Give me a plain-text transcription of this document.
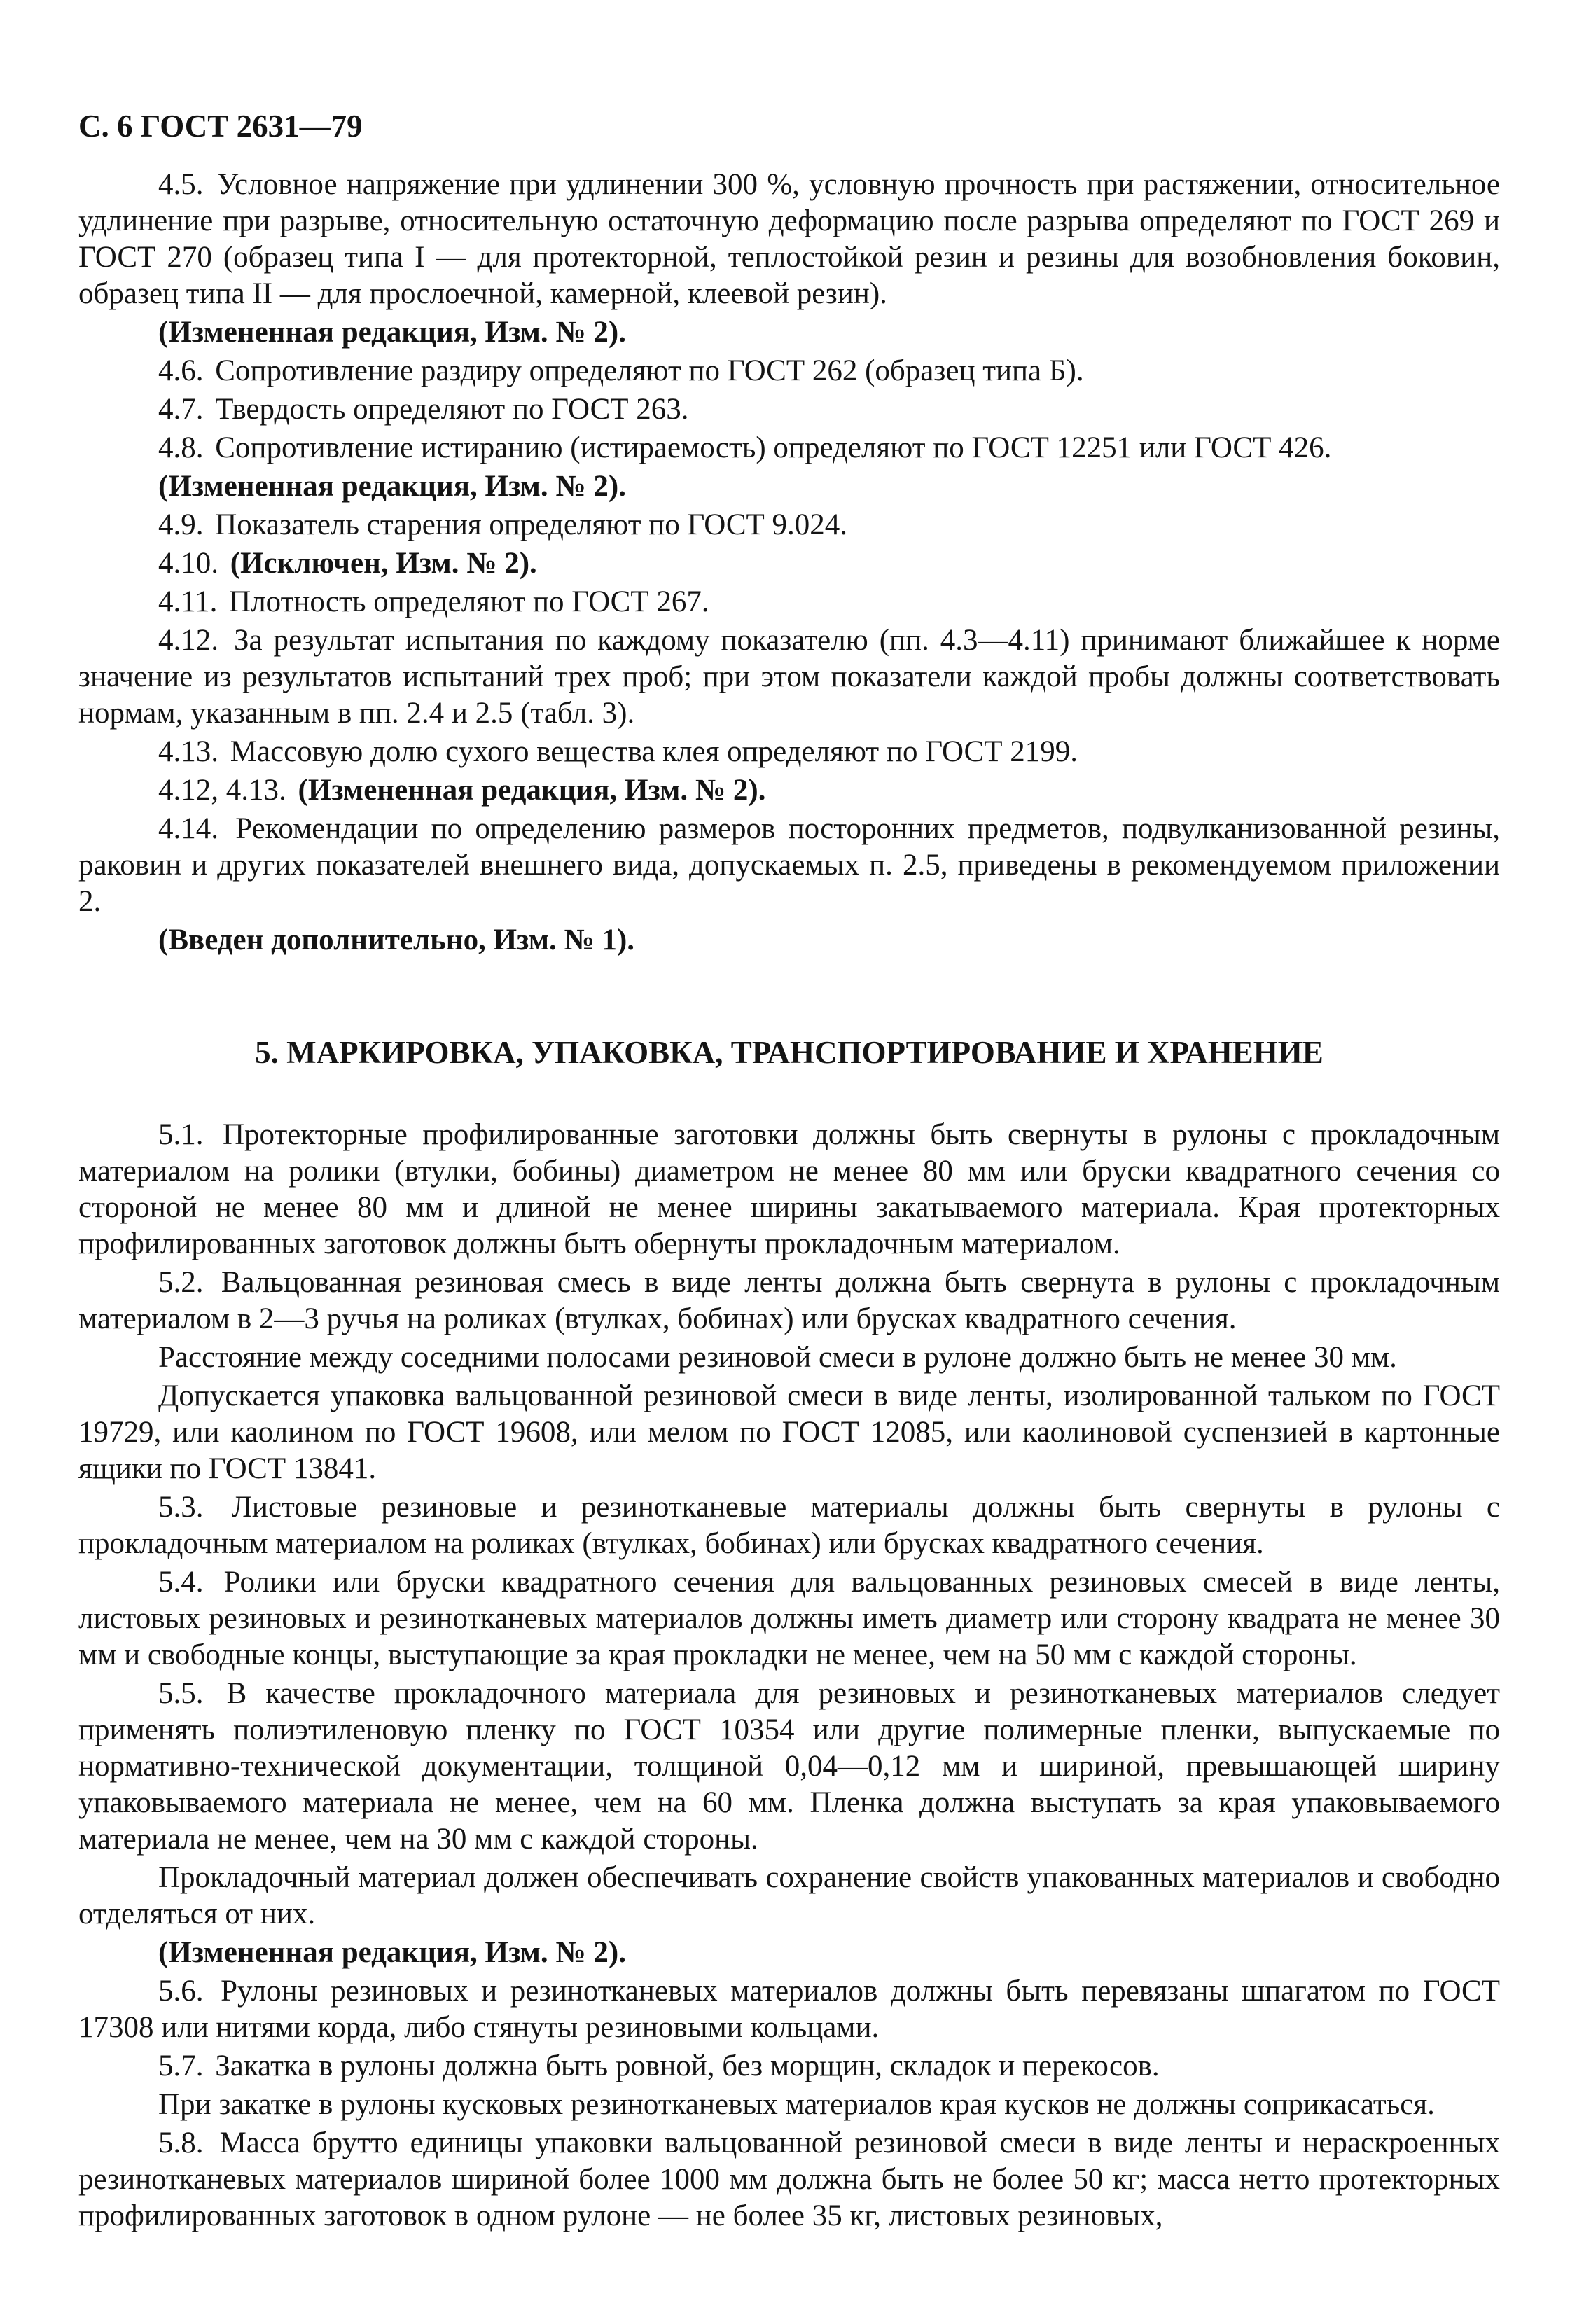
С. 6 ГОСТ 2631—79
4.5. Условное напряжение при удлинении 300 %, условную прочность при растяжении, относительное удлинение при разрыве, относительную остаточную деформацию после разрыва определяют по ГОСТ 269 и ГОСТ 270 (образец типа I — для протекторной, теплостойкой резин и резины для возобновления боковин, образец типа II — для прослоечной, камерной, клеевой резин).
(Измененная редакция, Изм. № 2).
4.6. Сопротивление раздиру определяют по ГОСТ 262 (образец типа Б).
4.7. Твердость определяют по ГОСТ 263.
4.8. Сопротивление истиранию (истираемость) определяют по ГОСТ 12251 или ГОСТ 426.
(Измененная редакция, Изм. № 2).
4.9. Показатель старения определяют по ГОСТ 9.024.
4.10. (Исключен, Изм. № 2).
4.11. Плотность определяют по ГОСТ 267.
4.12. За результат испытания по каждому показателю (пп. 4.3—4.11) принимают ближайшее к норме значение из результатов испытаний трех проб; при этом показатели каждой пробы должны соответствовать нормам, указанным в пп. 2.4 и 2.5 (табл. 3).
4.13. Массовую долю сухого вещества клея определяют по ГОСТ 2199.
4.12, 4.13. (Измененная редакция, Изм. № 2).
4.14. Рекомендации по определению размеров посторонних предметов, подвулканизованной резины, раковин и других показателей внешнего вида, допускаемых п. 2.5, приведены в рекомендуемом приложении 2.
(Введен дополнительно, Изм. № 1).
5. МАРКИРОВКА, УПАКОВКА, ТРАНСПОРТИРОВАНИЕ И ХРАНЕНИЕ
5.1. Протекторные профилированные заготовки должны быть свернуты в рулоны с прокладочным материалом на ролики (втулки, бобины) диаметром не менее 80 мм или бруски квадратного сечения со стороной не менее 80 мм и длиной не менее ширины закатываемого материала. Края протекторных профилированных заготовок должны быть обернуты прокладочным материалом.
5.2. Вальцованная резиновая смесь в виде ленты должна быть свернута в рулоны с прокладочным материалом в 2—3 ручья на роликах (втулках, бобинах) или брусках квадратного сечения.
Расстояние между соседними полосами резиновой смеси в рулоне должно быть не менее 30 мм.
Допускается упаковка вальцованной резиновой смеси в виде ленты, изолированной тальком по ГОСТ 19729, или каолином по ГОСТ 19608, или мелом по ГОСТ 12085, или каолиновой суспензией в картонные ящики по ГОСТ 13841.
5.3. Листовые резиновые и резинотканевые материалы должны быть свернуты в рулоны с прокладочным материалом на роликах (втулках, бобинах) или брусках квадратного сечения.
5.4. Ролики или бруски квадратного сечения для вальцованных резиновых смесей в виде ленты, листовых резиновых и резинотканевых материалов должны иметь диаметр или сторону квадрата не менее 30 мм и свободные концы, выступающие за края прокладки не менее, чем на 50 мм с каждой стороны.
5.5. В качестве прокладочного материала для резиновых и резинотканевых материалов следует применять полиэтиленовую пленку по ГОСТ 10354 или другие полимерные пленки, выпускаемые по нормативно-технической документации, толщиной 0,04—0,12 мм и шириной, превышающей ширину упаковываемого материала не менее, чем на 60 мм. Пленка должна выступать за края упаковываемого материала не менее, чем на 30 мм с каждой стороны.
Прокладочный материал должен обеспечивать сохранение свойств упакованных материалов и свободно отделяться от них.
(Измененная редакция, Изм. № 2).
5.6. Рулоны резиновых и резинотканевых материалов должны быть перевязаны шпагатом по ГОСТ 17308 или нитями корда, либо стянуты резиновыми кольцами.
5.7. Закатка в рулоны должна быть ровной, без морщин, складок и перекосов.
При закатке в рулоны кусковых резинотканевых материалов края кусков не должны соприкасаться.
5.8. Масса брутто единицы упаковки вальцованной резиновой смеси в виде ленты и нераскроенных резинотканевых материалов шириной более 1000 мм должна быть не более 50 кг; масса нетто протекторных профилированных заготовок в одном рулоне — не более 35 кг, листовых резиновых,
